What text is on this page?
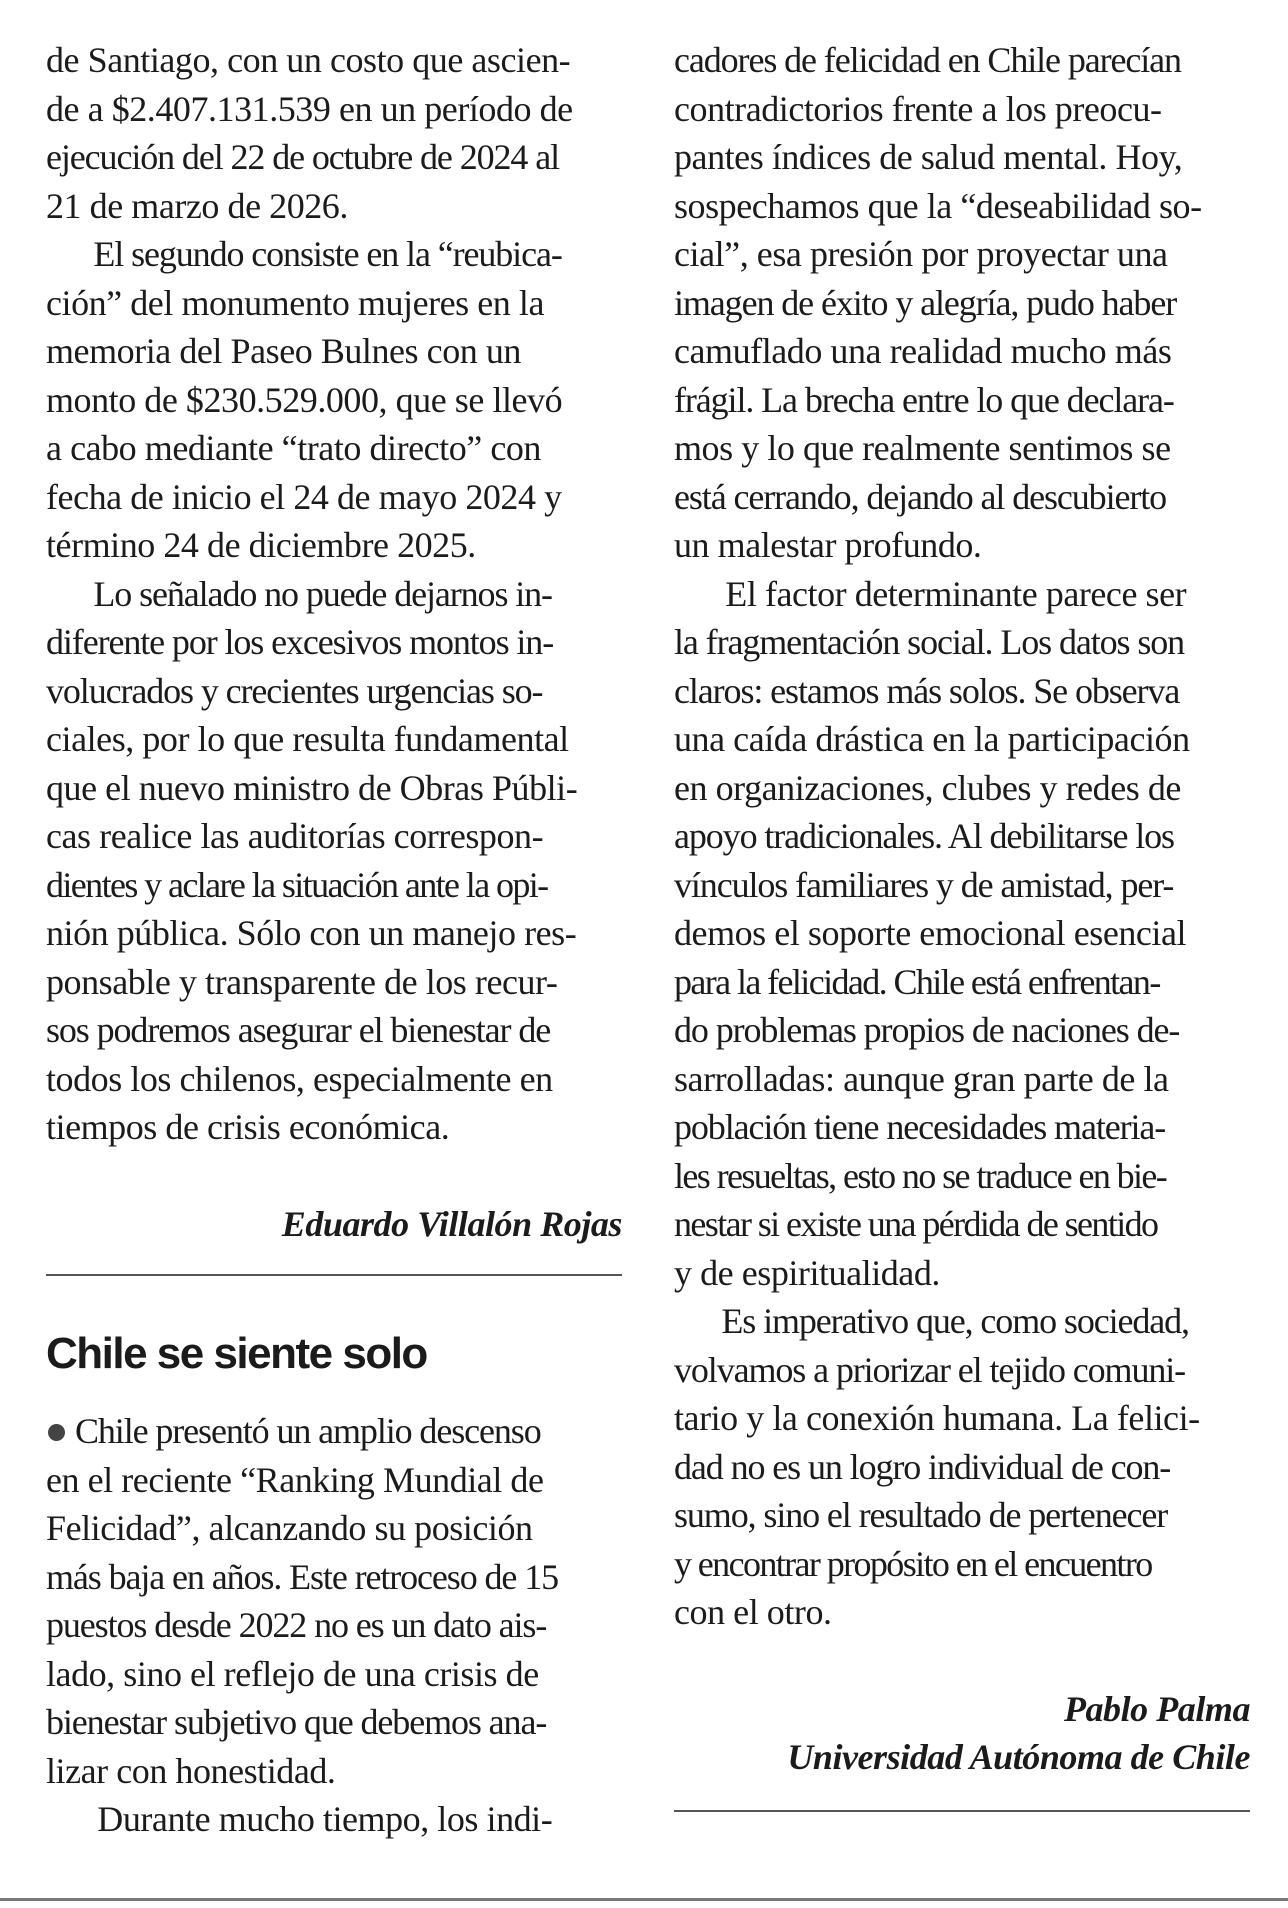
de Santiago, con un costo que ascien-

de a $2.407.131.539 en un período de

ejecución del 22 de octubre de 2024 al

21 de marzo de 2026.

El segundo consiste en la “reubica-

ción” del monumento mujeres en la

memoria del Paseo Bulnes con un

monto de $230.529.000, que se llevó

a cabo mediante “trato directo” con

fecha de inicio el 24 de mayo 2024 y

término 24 de diciembre 2025.

Lo señalado no puede dejarnos in-

diferente por los excesivos montos in-

volucrados y crecientes urgencias so-

ciales, por lo que resulta fundamental

que el nuevo ministro de Obras Públi-

cas realice las auditorías correspon-

dientes y aclare la situación ante la opi-

nión pública. Sólo con un manejo res-

ponsable y transparente de los recur-

sos podremos asegurar el bienestar de

todos los chilenos, especialmente en

tiempos de crisis económica.

Eduardo Villalón Rojas

Chile se siente solo

Chile presentó un amplio descenso

en el reciente “Ranking Mundial de

Felicidad”, alcanzando su posición

más baja en años. Este retroceso de 15

puestos desde 2022 no es un dato ais-

lado, sino el reflejo de una crisis de

bienestar subjetivo que debemos ana-

lizar con honestidad.

Durante mucho tiempo, los indi-

cadores de felicidad en Chile parecían

contradictorios frente a los preocu-

pantes índices de salud mental. Hoy,

sospechamos que la “deseabilidad so-

cial”, esa presión por proyectar una

imagen de éxito y alegría, pudo haber

camuflado una realidad mucho más

frágil. La brecha entre lo que declara-

mos y lo que realmente sentimos se

está cerrando, dejando al descubierto

un malestar profundo.

El factor determinante parece ser

la fragmentación social. Los datos son

claros: estamos más solos. Se observa

una caída drástica en la participación

en organizaciones, clubes y redes de

apoyo tradicionales. Al debilitarse los

vínculos familiares y de amistad, per-

demos el soporte emocional esencial

para la felicidad. Chile está enfrentan-

do problemas propios de naciones de-

sarrolladas: aunque gran parte de la

población tiene necesidades materia-

les resueltas, esto no se traduce en bie-

nestar si existe una pérdida de sentido

y de espiritualidad.

Es imperativo que, como sociedad,

volvamos a priorizar el tejido comuni-

tario y la conexión humana. La felici-

dad no es un logro individual de con-

sumo, sino el resultado de pertenecer

y encontrar propósito en el encuentro

con el otro.

Pablo Palma

Universidad Autónoma de Chile
